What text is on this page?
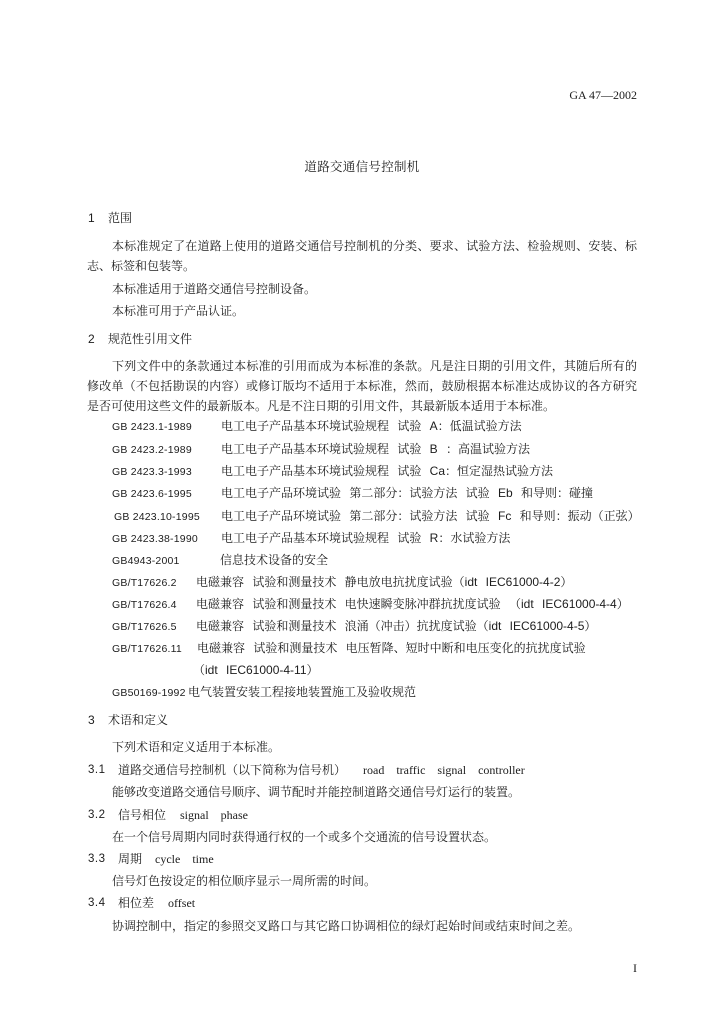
GA 47—2002
道路交通信号控制机
1 范围
本标准规定了在道路上使用的道路交通信号控制机的分类、要求、试验方法、检验规则、安装、标
志、标签和包装等。
本标准适用于道路交通信号控制设备。
本标准可用于产品认证。
2 规范性引用文件
下列文件中的条款通过本标准的引用而成为本标准的条款。凡是注日期的引用文件，其随后所有的
修改单（不包括勘误的内容）或修订版均不适用于本标准，然而，鼓励根据本标准达成协议的各方研究
是否可使用这些文件的最新版本。凡是不注日期的引用文件，其最新版本适用于本标准。
GB 2423.1-1989 电工电子产品基本环境试验规程 试验 A：低温试验方法
GB 2423.2-1989 电工电子产品基本环境试验规程 试验 B ：高温试验方法
GB 2423.3-1993 电工电子产品基本环境试验规程 试验 Ca：恒定湿热试验方法
GB 2423.6-1995 电工电子产品环境试验 第二部分：试验方法 试验 Eb 和导则：碰撞
GB 2423.10-1995 电工电子产品环境试验 第二部分：试验方法 试验 Fc 和导则：振动（正弦）
GB 2423.38-1990 电工电子产品基本环境试验规程 试验 R：水试验方法
GB4943-2001	信息技术设备的安全
GB/T17626.2 电磁兼容 试验和测量技术 静电放电抗扰度试验（idt IEC61000-4-2）
GB/T17626.4 电磁兼容 试验和测量技术 电快速瞬变脉冲群抗扰度试验 （idt IEC61000-4-4）
GB/T17626.5 电磁兼容 试验和测量技术 浪涌（冲击）抗扰度试验（idt IEC61000-4-5）
GB/T17626.11 电磁兼容 试验和测量技术 电压暂降、短时中断和电压变化的抗扰度试验
（idt IEC61000-4-11）
GB50169-1992 电气装置安装工程接地装置施工及验收规范
3 术语和定义
下列术语和定义适用于本标准。
3.1 道路交通信号控制机（以下简称为信号机） road traffic signal controller
能够改变道路交通信号顺序、调节配时并能控制道路交通信号灯运行的装置。
3.2 信号相位 signal phase
在一个信号周期内同时获得通行权的一个或多个交通流的信号设置状态。
3.3 周期 cycle time
信号灯色按设定的相位顺序显示一周所需的时间。
3.4 相位差 offset
协调控制中，指定的参照交叉路口与其它路口协调相位的绿灯起始时间或结束时间之差。
I
